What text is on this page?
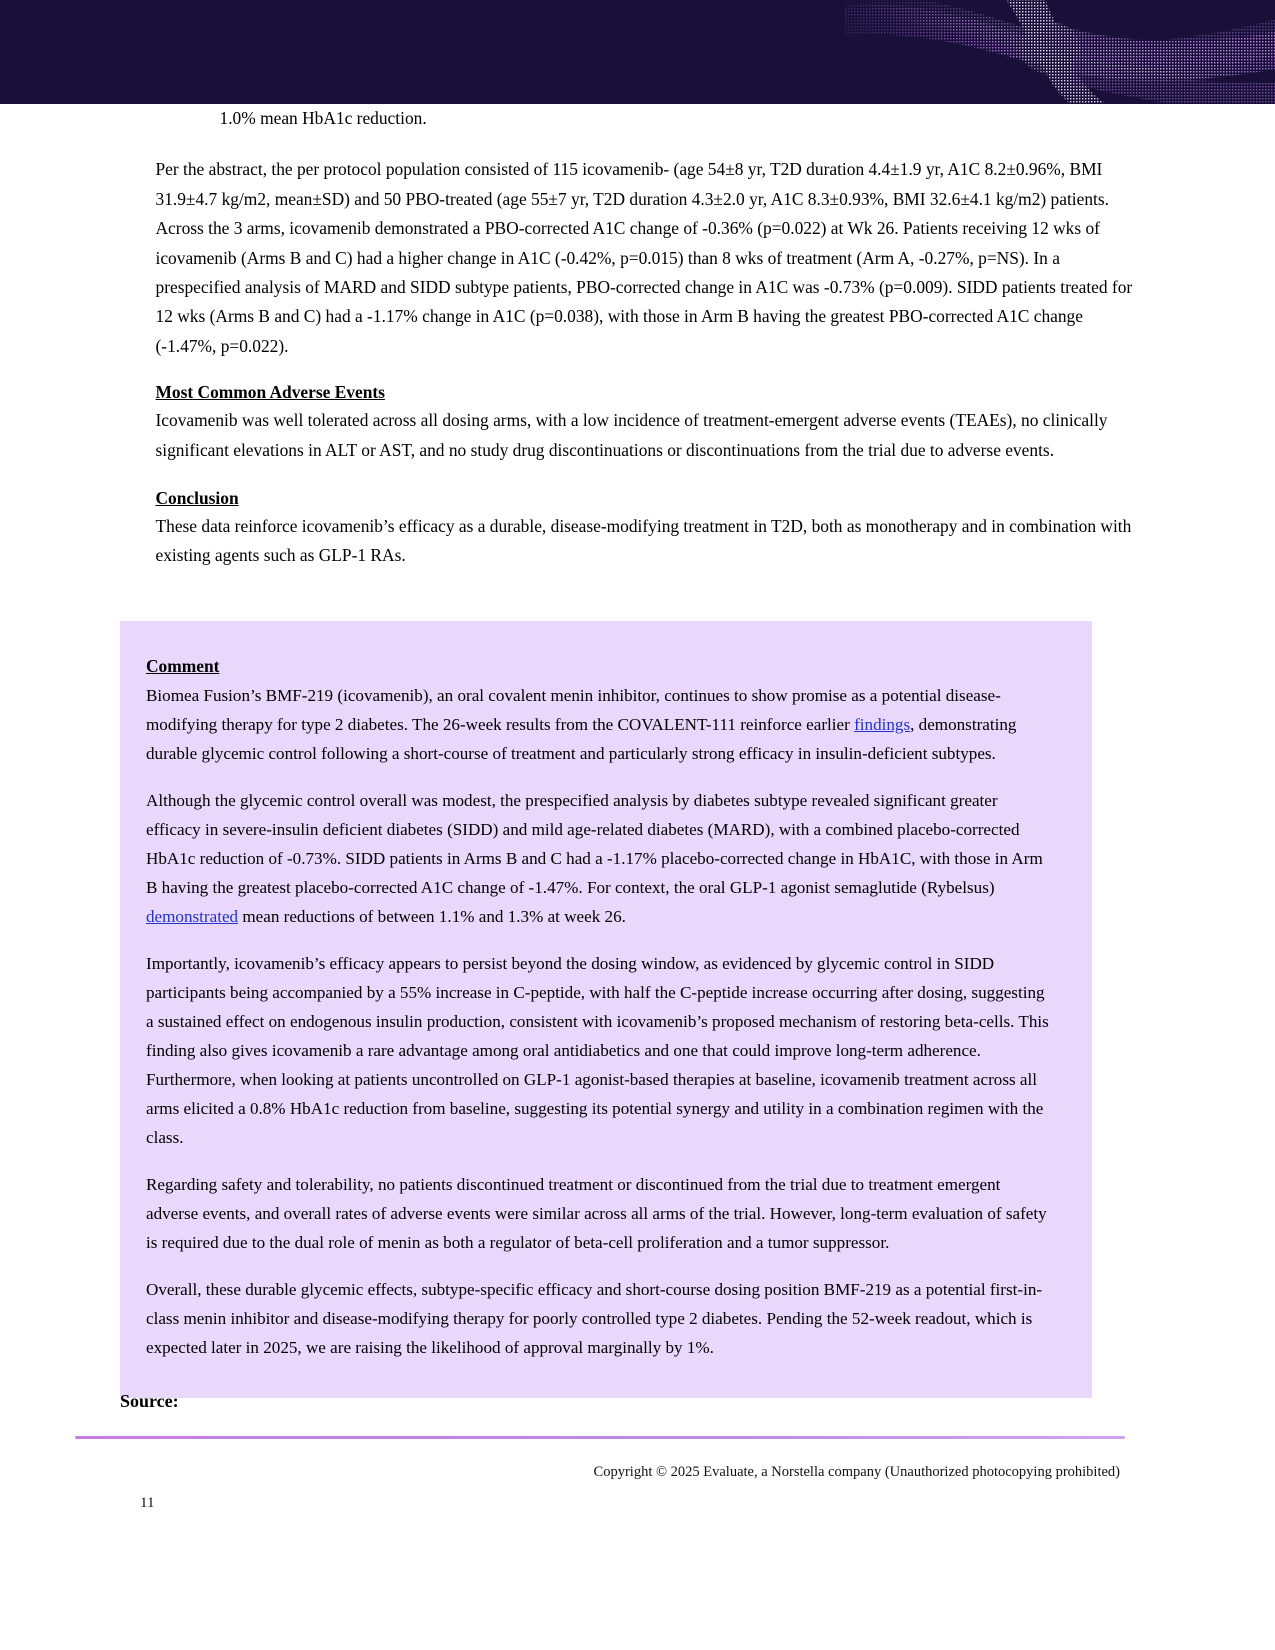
1.0% mean HbA1c reduction.

Per the abstract, the per protocol population consisted of 115 icovamenib- (age 54±8 yr, T2D duration 4.4±1.9 yr, A1C 8.2±0.96%, BMI 31.9±4.7 kg/m2, mean±SD) and 50 PBO-treated (age 55±7 yr, T2D duration 4.3±2.0 yr, A1C 8.3±0.93%, BMI 32.6±4.1 kg/m2) patients. Across the 3 arms, icovamenib demonstrated a PBO-corrected A1C change of -0.36% (p=0.022) at Wk 26. Patients receiving 12 wks of icovamenib (Arms B and C) had a higher change in A1C (-0.42%, p=0.015) than 8 wks of treatment (Arm A, -0.27%, p=NS). In a prespecified analysis of MARD and SIDD subtype patients, PBO-corrected change in A1C was -0.73% (p=0.009). SIDD patients treated for 12 wks (Arms B and C) had a -1.17% change in A1C (p=0.038), with those in Arm B having the greatest PBO-corrected A1C change (-1.47%, p=0.022).

Most Common Adverse Events

Icovamenib was well tolerated across all dosing arms, with a low incidence of treatment-emergent adverse events (TEAEs), no clinically significant elevations in ALT or AST, and no study drug discontinuations or discontinuations from the trial due to adverse events.

Conclusion

These data reinforce icovamenib’s efficacy as a durable, disease-modifying treatment in T2D, both as monotherapy and in combination with existing agents such as GLP-1 RAs.

Comment

Biomea Fusion’s BMF-219 (icovamenib), an oral covalent menin inhibitor, continues to show promise as a potential disease-modifying therapy for type 2 diabetes. The 26-week results from the COVALENT-111 reinforce earlier findings, demonstrating durable glycemic control following a short-course of treatment and particularly strong efficacy in insulin-deficient subtypes.

Although the glycemic control overall was modest, the prespecified analysis by diabetes subtype revealed significant greater efficacy in severe-insulin deficient diabetes (SIDD) and mild age-related diabetes (MARD), with a combined placebo-corrected HbA1c reduction of -0.73%. SIDD patients in Arms B and C had a -1.17% placebo-corrected change in HbA1C, with those in Arm B having the greatest placebo-corrected A1C change of -1.47%. For context, the oral GLP-1 agonist semaglutide (Rybelsus)  demonstrated mean reductions of between 1.1% and 1.3% at week 26.

Importantly, icovamenib’s efficacy appears to persist beyond the dosing window, as evidenced by glycemic control in SIDD participants being accompanied by a 55% increase in C-peptide, with half the C-peptide increase occurring after dosing, suggesting a sustained effect on endogenous insulin production, consistent with icovamenib’s proposed mechanism of restoring beta-cells. This finding also gives icovamenib a rare advantage among oral antidiabetics and one that could improve long-term adherence. Furthermore, when looking at patients uncontrolled on GLP-1 agonist-based therapies at baseline, icovamenib treatment across all arms elicited a 0.8% HbA1c reduction from baseline, suggesting its potential synergy and utility in a combination regimen with the class.

Regarding safety and tolerability, no patients discontinued treatment or discontinued from the trial due to treatment emergent adverse events, and overall rates of adverse events were similar across all arms of the trial. However, long-term evaluation of safety is required due to the dual role of menin as both a regulator of beta-cell proliferation and a tumor suppressor.

Overall, these durable glycemic effects, subtype-specific efficacy and short-course dosing position BMF-219 as a potential first-in-class menin inhibitor and disease-modifying therapy for poorly controlled type 2 diabetes. Pending the 52-week readout, which is expected later in 2025, we are raising the likelihood of approval marginally by 1%.

Source:
Copyright © 2025 Evaluate, a Norstella company (Unauthorized photocopying prohibited)
11
